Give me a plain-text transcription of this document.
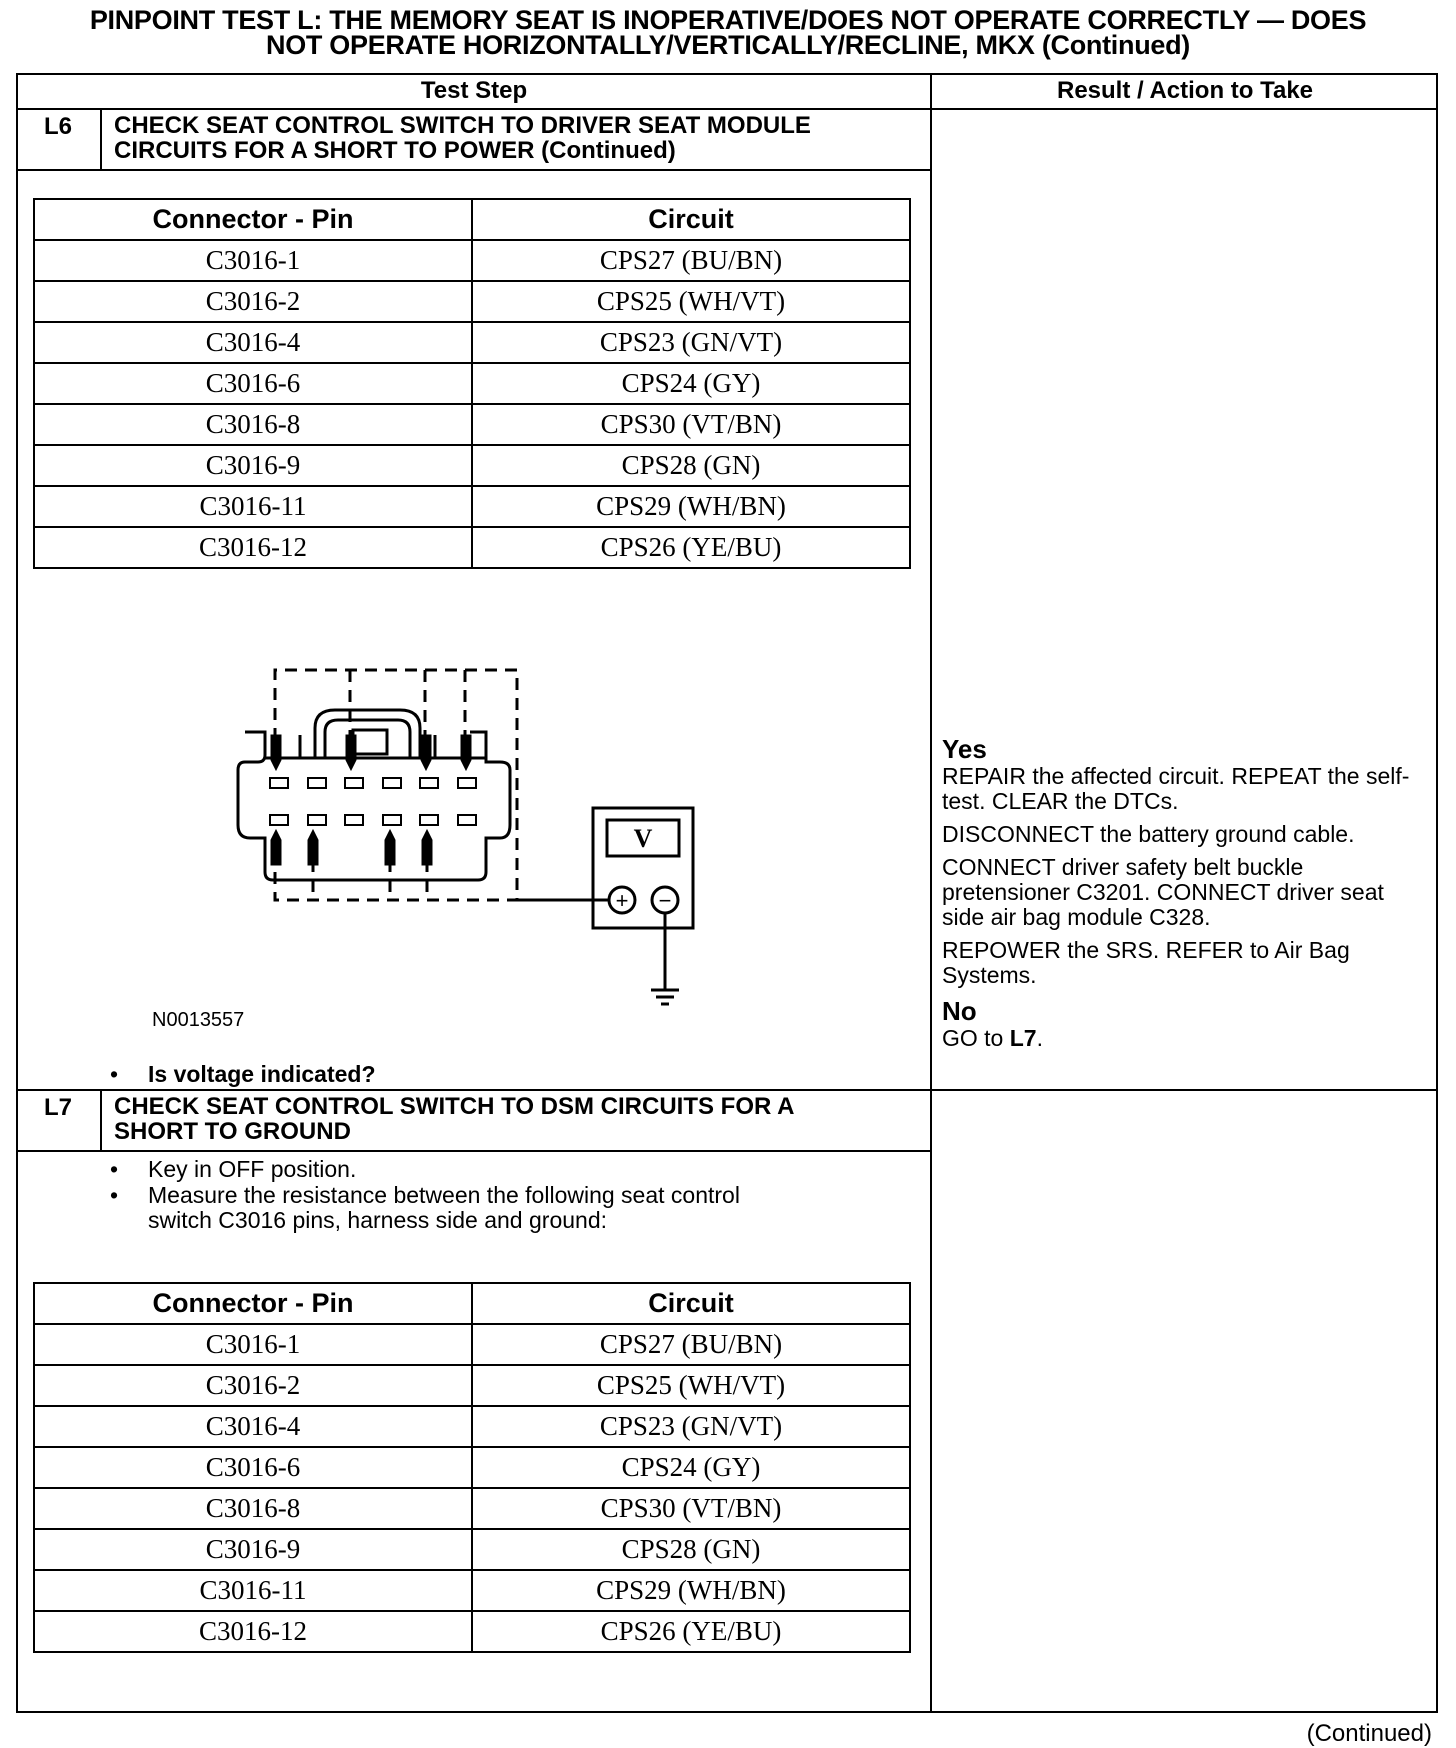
PINPOINT TEST L: THE MEMORY SEAT IS INOPERATIVE/DOES NOT OPERATE CORRECTLY — DOES
NOT OPERATE HORIZONTALLY/VERTICALLY/RECLINE, MKX (Continued)
Test Step	Result / Action to Take
L6 CHECK SEAT CONTROL SWITCH TO DRIVER SEAT MODULE
CIRCUITS FOR A SHORT TO POWER (Continued)
Connector - Pin	Circuit
C3016-1	CPS27 (BU/BN)
C3016-2	CPS25 (WH/VT)
C3016-4	CPS23 (GN/VT)
C3016-6	CPS24 (GY)
C3016-8	CPS30 (VT/BN)
C3016-9	CPS28 (GN)
C3016-11	CPS29 (WH/BN)
C3016-12	CPS26 (YE/BU)
V
+ −
N0013557
• Is voltage indicated?
Yes

REPAIR the affected circuit. REPEAT the self-test. CLEAR the DTCs.

DISCONNECT the battery ground cable.

CONNECT driver safety belt buckle pretensioner C3201. CONNECT driver seat side air bag module C328.

REPOWER the SRS. REFER to Air Bag Systems.

No
GO to L7.
L7 CHECK SEAT CONTROL SWITCH TO DSM CIRCUITS FOR A
SHORT TO GROUND
• Key in OFF position.
• Measure the resistance between the following seat control
switch C3016 pins, harness side and ground:
Connector - Pin	Circuit
C3016-1	CPS27 (BU/BN)
C3016-2	CPS25 (WH/VT)
C3016-4	CPS23 (GN/VT)
C3016-6	CPS24 (GY)
C3016-8	CPS30 (VT/BN)
C3016-9	CPS28 (GN)
C3016-11	CPS29 (WH/BN)
C3016-12	CPS26 (YE/BU)
(Continued)
